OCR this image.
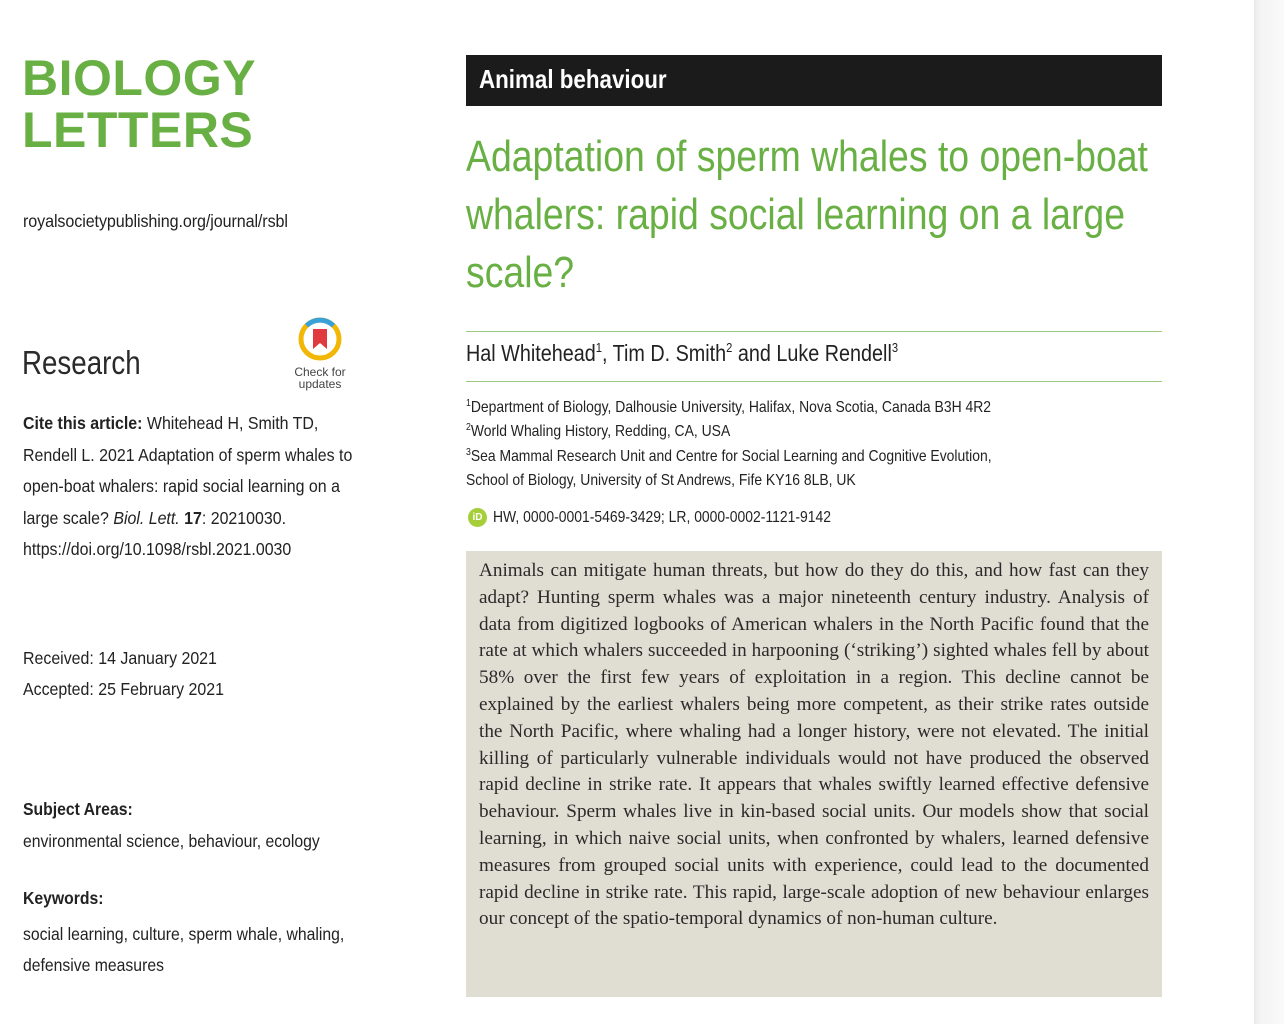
BIOLOGY
LETTERS
royalsocietypublishing.org/journal/rsbl
Research	Check for updates
Cite this article: Whitehead H, Smith TD, Rendell L. 2021 Adaptation of sperm whales to open-boat whalers: rapid social learning on a large scale? Biol. Lett. 17: 20210030.
https://doi.org/10.1098/rsbl.2021.0030
Received: 14 January 2021
Accepted: 25 February 2021
Subject Areas:
environmental science, behaviour, ecology
Keywords:
social learning, culture, sperm whale, whaling, defensive measures
Animal behaviour
Adaptation of sperm whales to open-boat whalers: rapid social learning on a large scale?
Hal Whitehead$^1$, Tim D. Smith$^2$ and Luke Rendell$^3$
$^1$Department of Biology, Dalhousie University, Halifax, Nova Scotia, Canada B3H 4R2
$^2$World Whaling History, Redding, CA, USA
$^3$Sea Mammal Research Unit and Centre for Social Learning and Cognitive Evolution,
School of Biology, University of St Andrews, Fife KY16 8LB, UK
iD HW, 0000-0001-5469-3429; LR, 0000-0002-1121-9142

Animals can mitigate human threats, but how do they do this, and how fast can they adapt? Hunting sperm whales was a major nineteenth century industry. Analysis of data from digitized logbooks of American whalers in the North Pacific found that the rate at which whalers succeeded in harpooning (‘striking’) sighted whales fell by about 58% over the first few years of exploitation in a region. This decline cannot be explained by the earliest whalers being more competent, as their strike rates outside the North Pacific, where whaling had a longer history, were not elevated. The initial killing of particularly vulnerable individuals would not have produced the observed rapid decline in strike rate. It appears that whales swiftly learned effective defensive behaviour. Sperm whales live in kin-based social units. Our models show that social learning, in which naive social units, when confronted by whalers, learned defensive measures from grouped social units with experience, could lead to the documented rapid decline in strike rate. This rapid, large-scale adoption of new behaviour enlarges our concept of the spatio-temporal dynamics of non-human culture.
